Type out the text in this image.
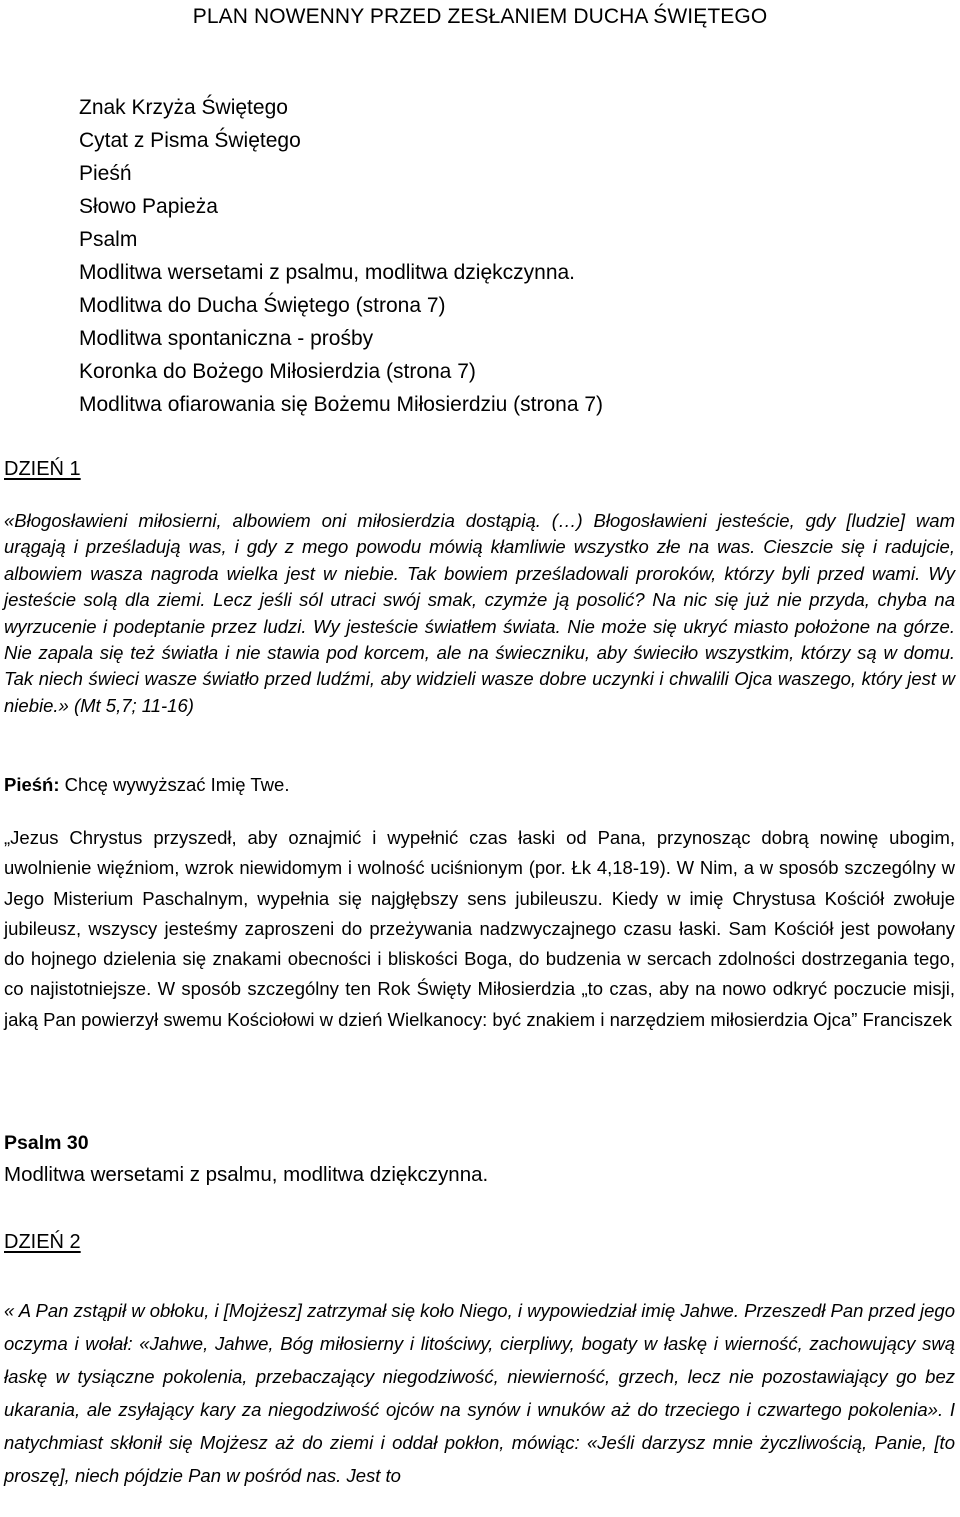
PLAN NOWENNY PRZED ZESŁANIEM DUCHA ŚWIĘTEGO
Znak Krzyża Świętego
Cytat z Pisma Świętego
Pieśń
Słowo Papieża
Psalm
Modlitwa wersetami z psalmu, modlitwa dziękczynna.
Modlitwa do Ducha Świętego (strona 7)
Modlitwa spontaniczna - prośby
Koronka do Bożego Miłosierdzia (strona 7)
Modlitwa ofiarowania się Bożemu Miłosierdziu (strona 7)
DZIEŃ 1

«Błogosławieni miłosierni, albowiem oni miłosierdzia dostąpią. (…) Błogosławieni jesteście, gdy [ludzie] wam urągają i prześladują was, i gdy z mego powodu mówią kłamliwie wszystko złe na was. Cieszcie się i radujcie, albowiem wasza nagroda wielka jest w niebie. Tak bowiem prześladowali proroków, którzy byli przed wami. Wy jesteście solą dla ziemi. Lecz jeśli sól utraci swój smak, czymże ją posolić? Na nic się już nie przyda, chyba na wyrzucenie i podeptanie przez ludzi. Wy jesteście światłem świata. Nie może się ukryć miasto położone na górze. Nie zapala się też światła i nie stawia pod korcem, ale na świeczniku, aby świeciło wszystkim, którzy są w domu. Tak niech świeci wasze światło przed ludźmi, aby widzieli wasze dobre uczynki i chwalili Ojca waszego, który jest w niebie.» (Mt 5,7; 11-16)

Pieśń: Chcę wywyższać Imię Twe.

„Jezus Chrystus przyszedł, aby oznajmić i wypełnić czas łaski od Pana, przynosząc dobrą nowinę ubogim, uwolnienie więźniom, wzrok niewidomym i wolność uciśnionym (por. Łk 4,18-19). W Nim, a w sposób szczególny w Jego Misterium Paschalnym, wypełnia się najgłębszy sens jubileuszu. Kiedy w imię Chrystusa Kościół zwołuje jubileusz, wszyscy jesteśmy zaproszeni do przeżywania nadzwyczajnego czasu łaski. Sam Kościół jest powołany do hojnego dzielenia się znakami obecności i bliskości Boga, do budzenia w sercach zdolności dostrzegania tego, co najistotniejsze. W sposób szczególny ten Rok Święty Miłosierdzia „to czas, aby na nowo odkryć poczucie misji, jaką Pan powierzył swemu Kościołowi w dzień Wielkanocy: być znakiem i narzędziem miłosierdzia Ojca” Franciszek

Psalm 30
Modlitwa wersetami z psalmu, modlitwa dziękczynna.
DZIEŃ 2

« A Pan zstąpił w obłoku, i [Mojżesz] zatrzymał się koło Niego, i wypowiedział imię Jahwe. Przeszedł Pan przed jego oczyma i wołał: «Jahwe, Jahwe, Bóg miłosierny i litościwy, cierpliwy, bogaty w łaskę i wierność, zachowujący swą łaskę w tysiączne pokolenia, przebaczający niegodziwość, niewierność, grzech, lecz nie pozostawiający go bez ukarania, ale zsyłający kary za niegodziwość ojców na synów i wnuków aż do trzeciego i czwartego pokolenia». I natychmiast skłonił się Mojżesz aż do ziemi i oddał pokłon, mówiąc: «Jeśli darzysz mnie życzliwością, Panie, [to proszę], niech pójdzie Pan w pośród nas. Jest to
